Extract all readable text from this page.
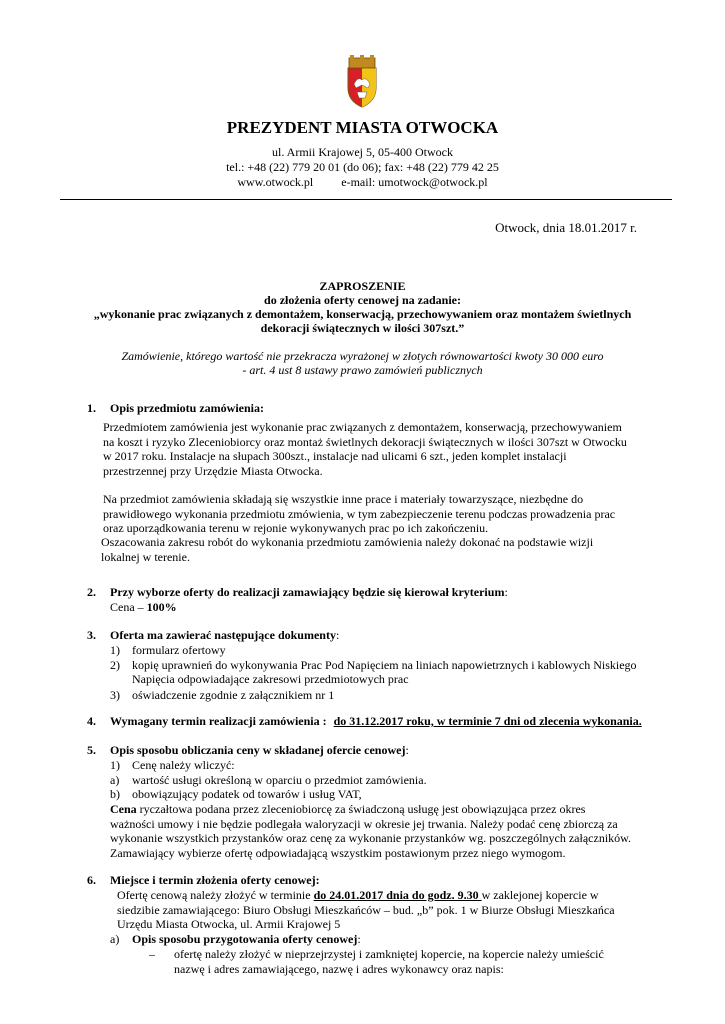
PREZYDENT MIASTA OTWOCKA
ul. Armii Krajowej 5, 05-400 Otwock
tel.: +48 (22) 779 20 01 (do 06); fax: +48 (22) 779 42 25
www.otwock.pl e-mail: umotwock@otwock.pl
Otwock, dnia 18.01.2017 r.
ZAPROSZENIE
do złożenia oferty cenowej na zadanie:
„wykonanie prac związanych z demontażem, konserwacją, przechowywaniem oraz montażem świetlnych
dekoracji świątecznych w ilości 307szt.”
Zamówienie, którego wartość nie przekracza wyrażonej w złotych równowartości kwoty 30 000 euro
- art. 4 ust 8 ustawy prawo zamówień publicznych
1. Opis przedmiotu zamówienia:
Przedmiotem zamówienia jest wykonanie prac związanych z demontażem, konserwacją, przechowywaniem
na koszt i ryzyko Zleceniobiorcy oraz montaż świetlnych dekoracji świątecznych w ilości 307szt w Otwocku
w 2017 roku. Instalacje na słupach 300szt., instalacje nad ulicami 6 szt., jeden komplet instalacji
przestrzennej przy Urzędzie Miasta Otwocka.
Na przedmiot zamówienia składają się wszystkie inne prace i materiały towarzyszące, niezbędne do
prawidłowego wykonania przedmiotu zmówienia, w tym zabezpieczenie terenu podczas prowadzenia prac
oraz uporządkowania terenu w rejonie wykonywanych prac po ich zakończeniu.
Oszacowania zakresu robót do wykonania przedmiotu zamówienia należy dokonać na podstawie wizji
lokalnej w terenie.
2. Przy wyborze oferty do realizacji zamawiający będzie się kierował kryterium:
Cena – 100%
3. Oferta ma zawierać następujące dokumenty:
1) formularz ofertowy
2) kopię uprawnień do wykonywania Prac Pod Napięciem na liniach napowietrznych i kablowych Niskiego
Napięcia odpowiadające zakresowi przedmiotowych prac
3) oświadczenie zgodnie z załącznikiem nr 1
4. Wymagany termin realizacji zamówienia : do 31.12.2017 roku, w terminie 7 dni od zlecenia wykonania.
5. Opis sposobu obliczania ceny w składanej ofercie cenowej:
1) Cenę należy wliczyć:
a) wartość usługi określoną w oparciu o przedmiot zamówienia.
b) obowiązujący podatek od towarów i usług VAT,
Cena ryczałtowa podana przez zleceniobiorcę za świadczoną usługę jest obowiązująca przez okres
ważności umowy i nie będzie podlegała waloryzacji w okresie jej trwania. Należy podać cenę zbiorczą za
wykonanie wszystkich przystanków oraz cenę za wykonanie przystanków wg. poszczególnych załączników.
Zamawiający wybierze ofertę odpowiadającą wszystkim postawionym przez niego wymogom.
6. Miejsce i termin złożenia oferty cenowej:
Ofertę cenową należy złożyć w terminie do 24.01.2017 dnia do godz. 9.30 w zaklejonej kopercie w
siedzibie zamawiającego: Biuro Obsługi Mieszkańców – bud. „b” pok. 1 w Biurze Obsługi Mieszkańca
Urzędu Miasta Otwocka, ul. Armii Krajowej 5
a) Opis sposobu przygotowania oferty cenowej:
– ofertę należy złożyć w nieprzejrzystej i zamkniętej kopercie, na kopercie należy umieścić
nazwę i adres zamawiającego, nazwę i adres wykonawcy oraz napis:
